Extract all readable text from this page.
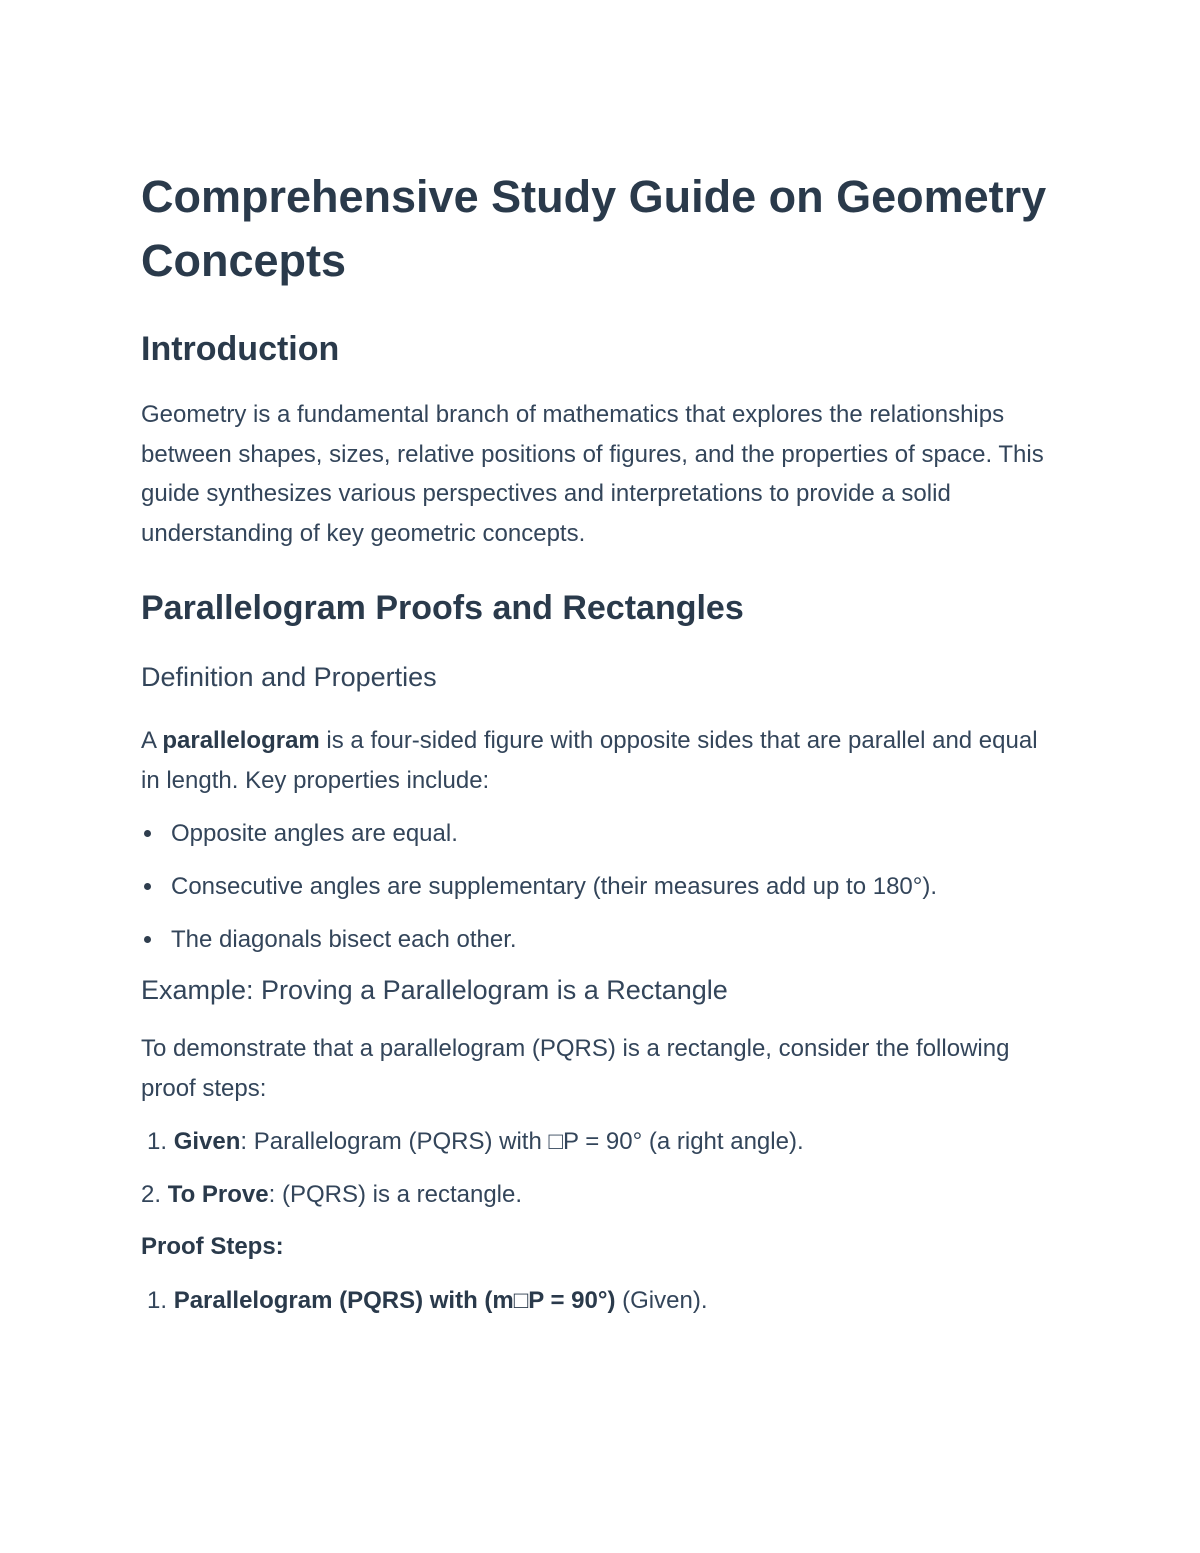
Comprehensive Study Guide on Geometry Concepts
Introduction

Geometry is a fundamental branch of mathematics that explores the relationships between shapes, sizes, relative positions of figures, and the properties of space. This guide synthesizes various perspectives and interpretations to provide a solid understanding of key geometric concepts.

Parallelogram Proofs and Rectangles
Definition and Properties

A parallelogram is a four-sided figure with opposite sides that are parallel and equal in length. Key properties include:

Opposite angles are equal.
Consecutive angles are supplementary (their measures add up to 180°).
The diagonals bisect each other.
Example: Proving a Parallelogram is a Rectangle

To demonstrate that a parallelogram (PQRS) is a rectangle, consider the following proof steps:

1. Given: Parallelogram (PQRS) with □P = 90° (a right angle).
2. To Prove: (PQRS) is a rectangle.
Proof Steps:
1. Parallelogram (PQRS) with (m□P = 90°) (Given).
